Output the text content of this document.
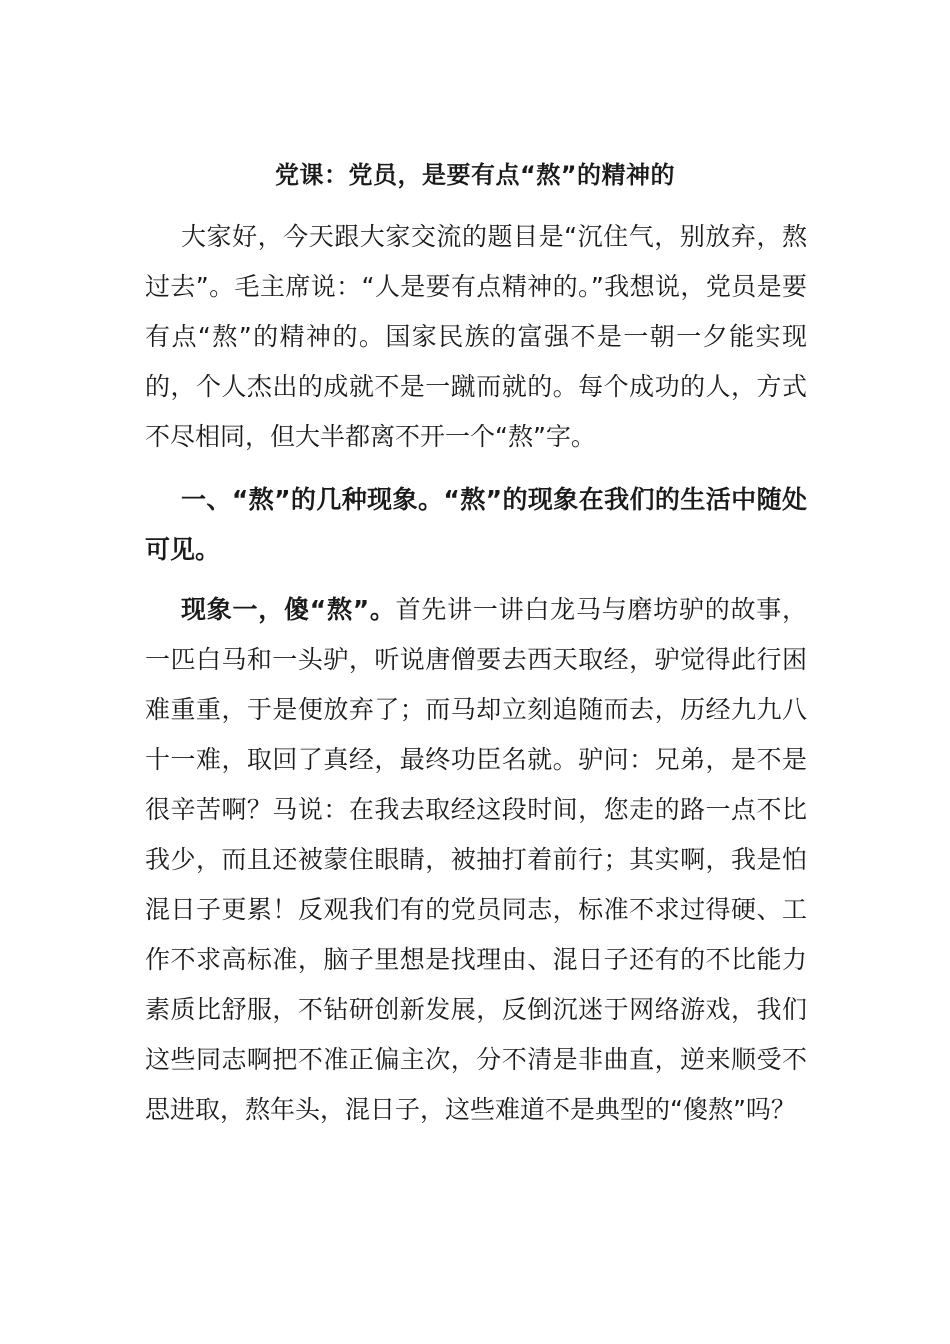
党课：党员，是要有点“熬”的精神的

大家好，今天跟大家交流的题目是“沉住气，别放弃，熬过去”。毛主席说：“人是要有点精神的。”我想说，党员是要有点“熬”的精神的。国家民族的富强不是一朝一夕能实现的，个人杰出的成就不是一蹴而就的。每个成功的人，方式不尽相同，但大半都离不开一个“熬”字。

一、“熬”的几种现象。“熬”的现象在我们的生活中随处可见。

现象一，傻“熬”。首先讲一讲白龙马与磨坊驴的故事，一匹白马和一头驴，听说唐僧要去西天取经，驴觉得此行困难重重，于是便放弃了；而马却立刻追随而去，历经九九八十一难，取回了真经，最终功臣名就。驴问：兄弟，是不是很辛苦啊？马说：在我去取经这段时间，您走的路一点不比我少，而且还被蒙住眼睛，被抽打着前行；其实啊，我是怕混日子更累！反观我们有的党员同志，标准不求过得硬、工作不求高标准，脑子里想是找理由、混日子还有的不比能力素质比舒服，不钻研创新发展，反倒沉迷于网络游戏，我们这些同志啊把不准正偏主次，分不清是非曲直，逆来顺受不思进取，熬年头，混日子，这些难道不是典型的“傻熬”吗？
